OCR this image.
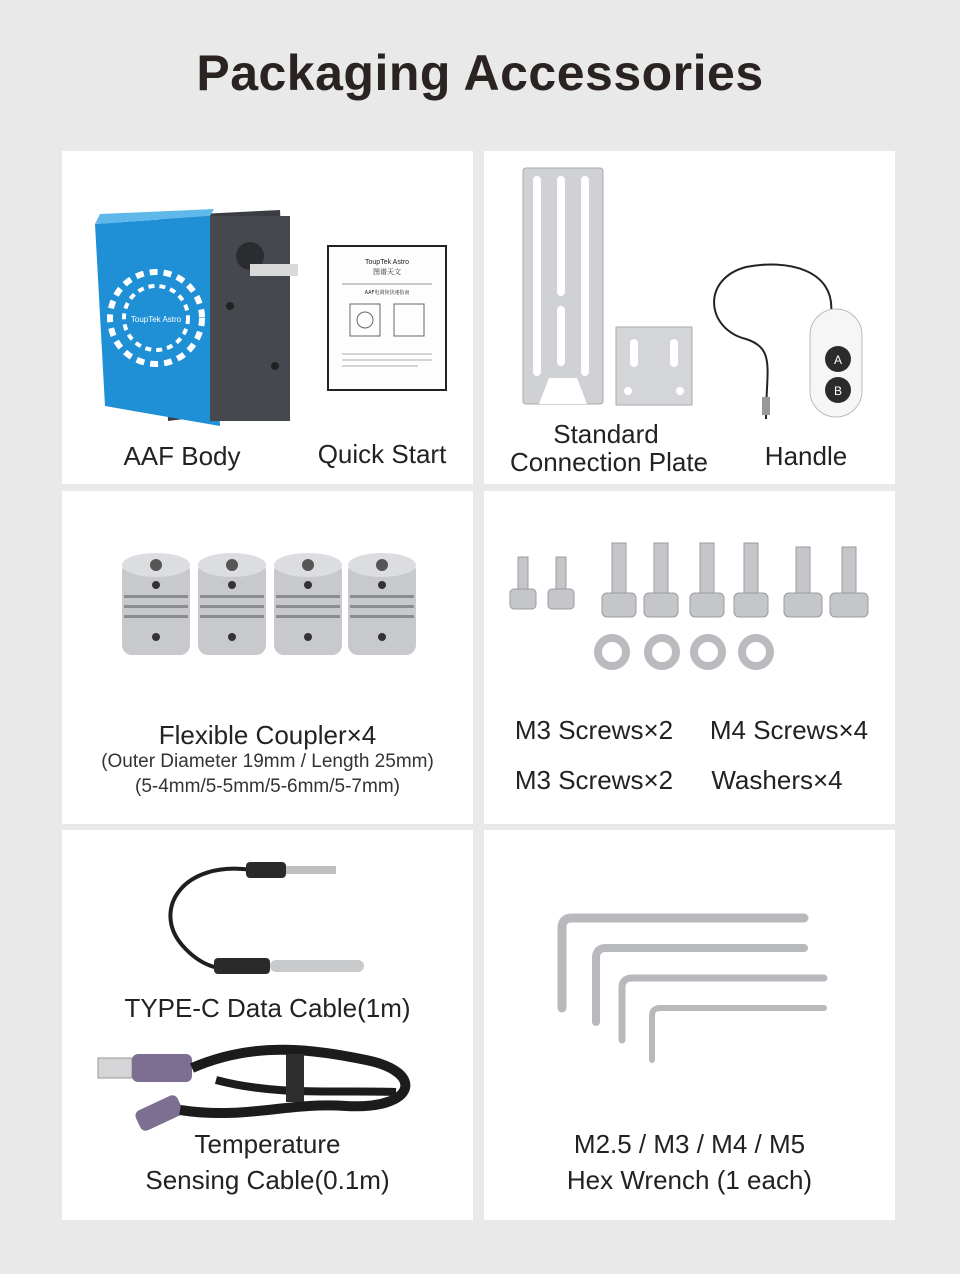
Packaging Accessories
ToupTek Astro
ToupTek Astro
图谱天文
AAF电调焦快速指南
AAF Body	Quick Start
A
B
Standard
Connection Plate	Handle
Flexible Coupler×4
(Outer Diameter 19mm / Length 25mm)
(5-4mm/5-5mm/5-6mm/5-7mm)
M3 Screws×2	M4 Screws×4
M3 Screws×2	Washers×4
TYPE-C Data Cable(1m)
Temperature
Sensing Cable(0.1m)
M2.5 / M3 / M4 / M5
Hex Wrench (1 each)
